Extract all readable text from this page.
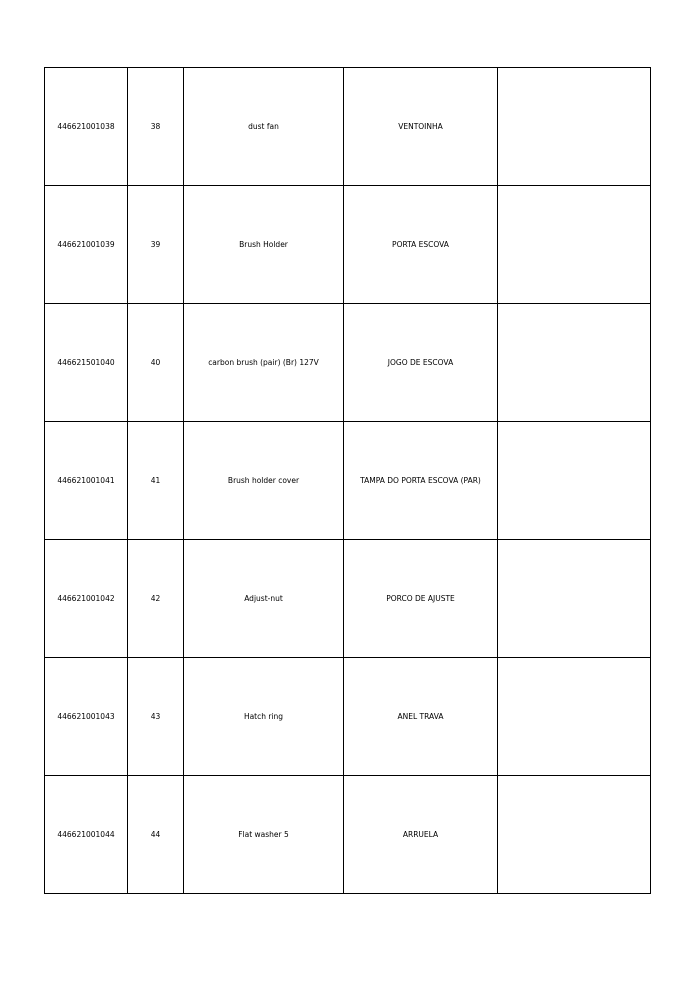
446621001038	38	dust fan	VENTOINHA	
446621001039	39	Brush Holder	PORTA ESCOVA	
446621501040	40	carbon brush (pair) (Br) 127V	JOGO DE ESCOVA	
446621001041	41	Brush holder cover	TAMPA DO PORTA ESCOVA (PAR)	
446621001042	42	Adjust-nut	PORCO DE AJUSTE	
446621001043	43	Hatch ring	ANEL TRAVA	
446621001044	44	Flat washer 5	ARRUELA	
